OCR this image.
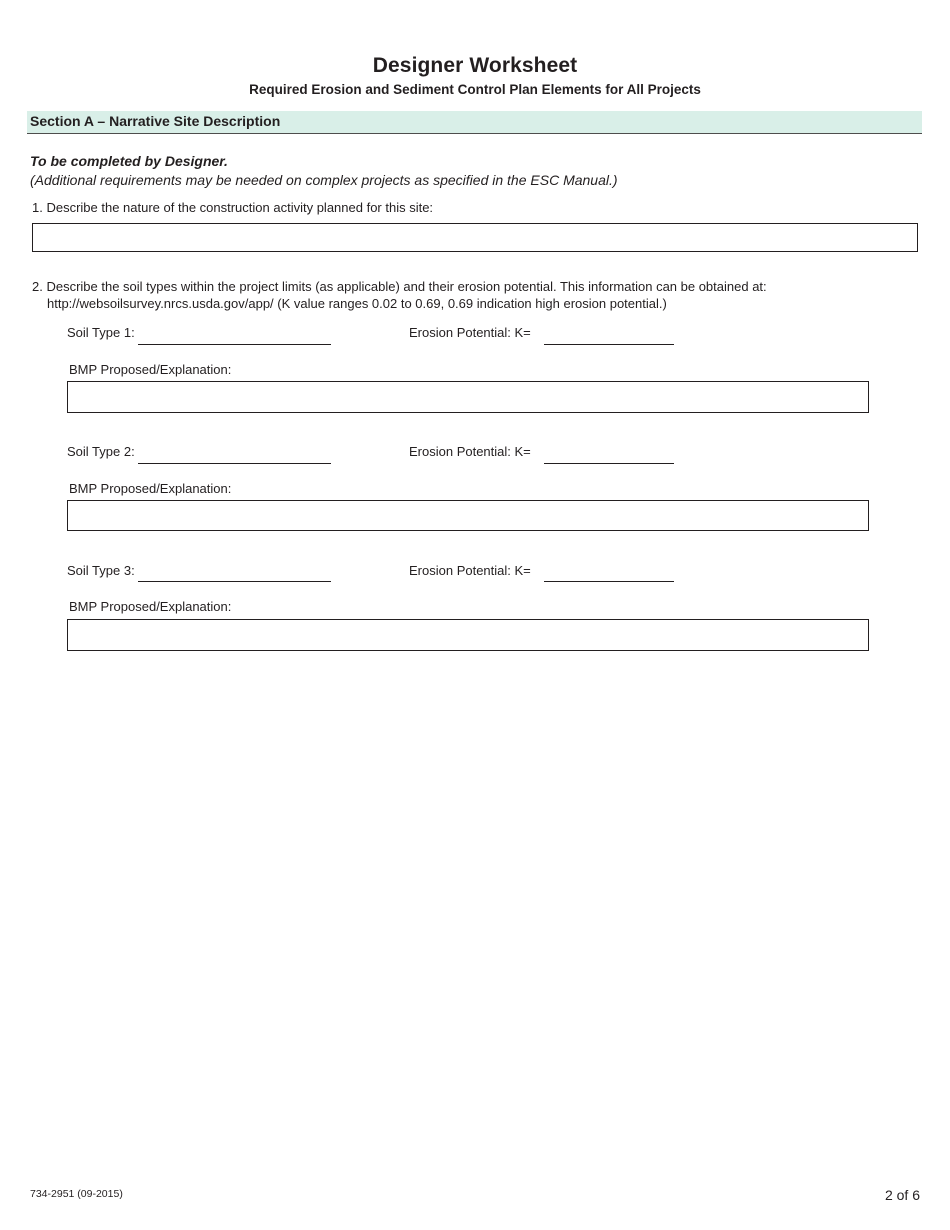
Designer Worksheet
Required Erosion and Sediment Control Plan Elements for All Projects
Section A – Narrative Site Description
To be completed by Designer.
(Additional requirements may be needed on complex projects as specified in the ESC Manual.)
1. Describe the nature of the construction activity planned for this site:
2. Describe the soil types within the project limits (as applicable) and their erosion potential. This information can be obtained at:
http://websoilsurvey.nrcs.usda.gov/app/ (K value ranges 0.02 to 0.69, 0.69 indication high erosion potential.)
Soil Type 1:	Erosion Potential: K=
BMP Proposed/Explanation:
Soil Type 2:	Erosion Potential: K=
BMP Proposed/Explanation:
Soil Type 3:	Erosion Potential: K=
BMP Proposed/Explanation:
734-2951 (09-2015)	2 of 6
